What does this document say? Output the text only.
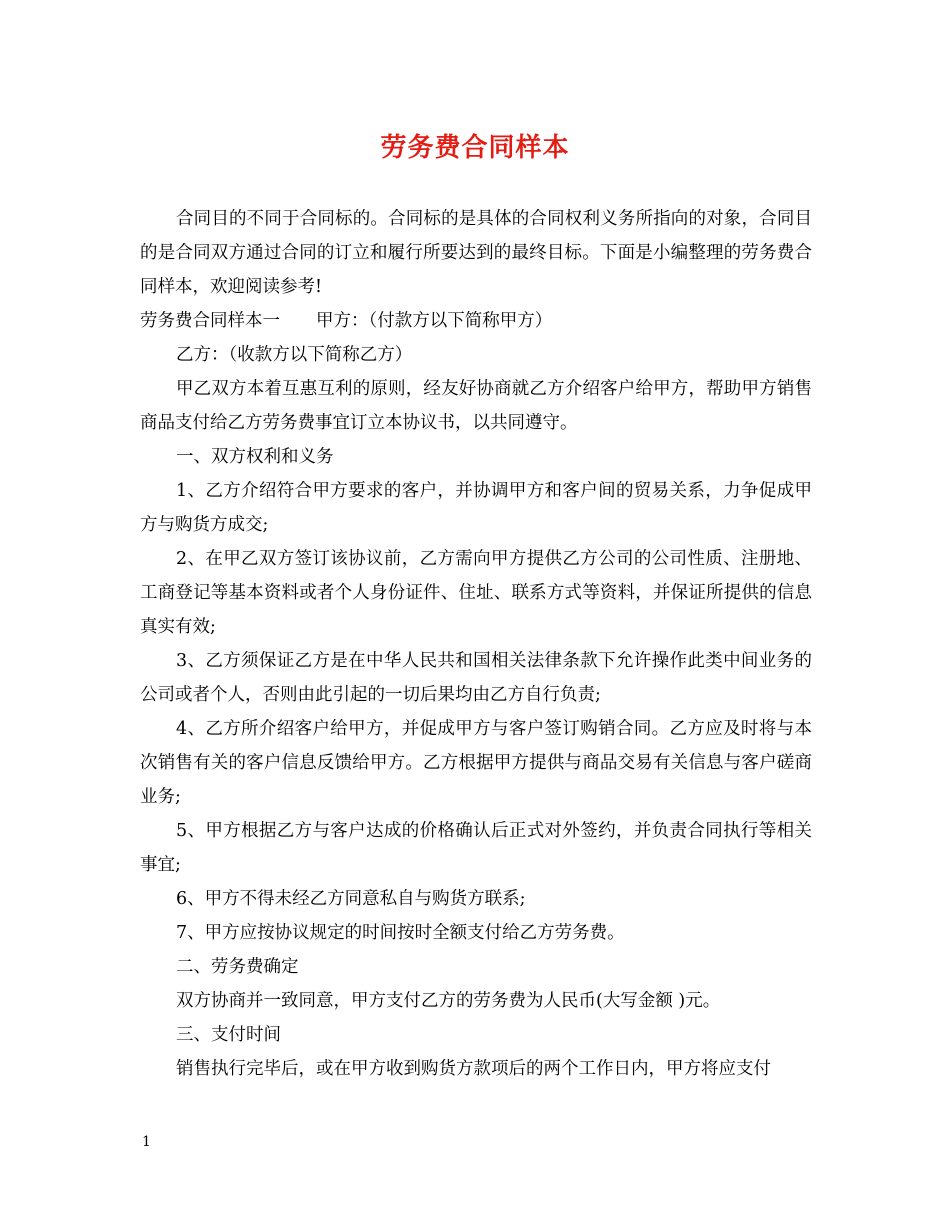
劳务费合同样本

合同目的不同于合同标的。合同标的是具体的合同权利义务所指向的对象，合同目的是合同双方通过合同的订立和履行所要达到的最终目标。下面是小编整理的劳务费合同样本，欢迎阅读参考!

劳务费合同样本一 甲方：（付款方以下简称甲方）

乙方：（收款方以下简称乙方）

甲乙双方本着互惠互利的原则，经友好协商就乙方介绍客户给甲方，帮助甲方销售商品支付给乙方劳务费事宜订立本协议书，以共同遵守。

一、双方权利和义务

1、乙方介绍符合甲方要求的客户，并协调甲方和客户间的贸易关系，力争促成甲方与购货方成交;

2、在甲乙双方签订该协议前，乙方需向甲方提供乙方公司的公司性质、注册地、工商登记等基本资料或者个人身份证件、住址、联系方式等资料，并保证所提供的信息真实有效;

3、乙方须保证乙方是在中华人民共和国相关法律条款下允许操作此类中间业务的公司或者个人，否则由此引起的一切后果均由乙方自行负责;

4、乙方所介绍客户给甲方，并促成甲方与客户签订购销合同。乙方应及时将与本次销售有关的客户信息反馈给甲方。乙方根据甲方提供与商品交易有关信息与客户磋商业务;

5、甲方根据乙方与客户达成的价格确认后正式对外签约，并负责合同执行等相关事宜;

6、甲方不得未经乙方同意私自与购货方联系;

7、甲方应按协议规定的时间按时全额支付给乙方劳务费。

二、劳务费确定

双方协商并一致同意，甲方支付乙方的劳务费为人民币(大写金额 )元。

三、支付时间

销售执行完毕后，或在甲方收到购货方款项后的两个工作日内，甲方将应支付

1
